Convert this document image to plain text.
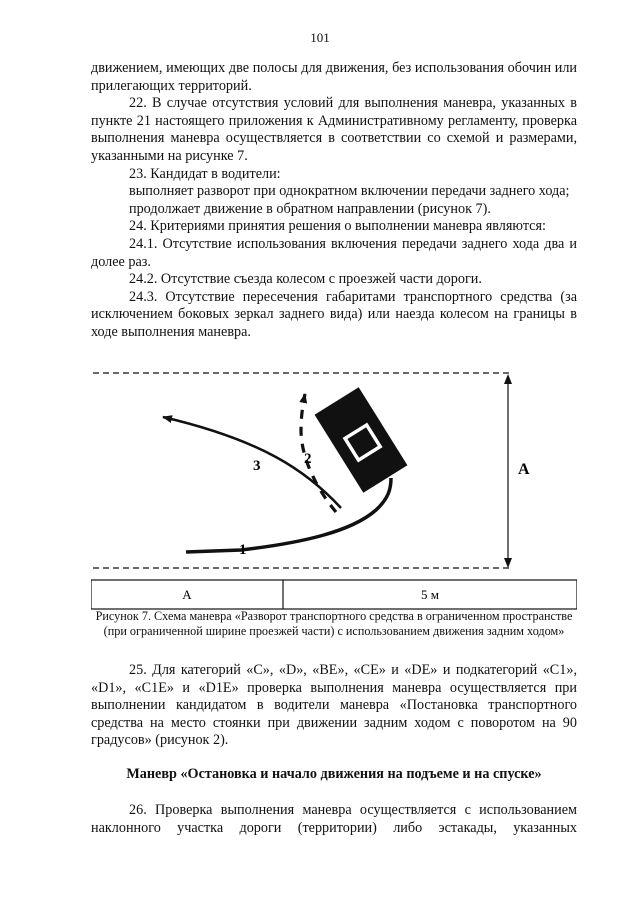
101

движением, имеющих две полосы для движения, без использования обочин или прилегающих территорий.

22. В случае отсутствия условий для выполнения маневра, указанных в пункте 21 настоящего приложения к Административному регламенту, проверка выполнения маневра осуществляется в соответствии со схемой и размерами, указанными на рисунке 7.

23. Кандидат в водители:

выполняет разворот при однократном включении передачи заднего хода;

продолжает движение в обратном направлении (рисунок 7).

24. Критериями принятия решения о выполнении маневра являются:

24.1. Отсутствие использования включения передачи заднего хода два и долее раз.

24.2. Отсутствие съезда колесом с проезжей части дороги.

24.3. Отсутствие пересечения габаритами транспортного средства (за исключением боковых зеркал заднего вида) или наезда колесом на границы в ходе выполнения маневра.

А
1
2
3
А	5 м
Рисунок 7. Схема маневра «Разворот транспортного средства в ограниченном пространстве (при ограниченной ширине проезжей части) с использованием движения задним ходом»

25. Для категорий «С», «D», «ВЕ», «СЕ» и «DE» и подкатегорий «С1», «D1», «С1Е» и «D1E» проверка выполнения маневра осуществляется при выполнении кандидатом в водители маневра «Постановка транспортного средства на место стоянки при движении задним ходом с поворотом на 90 градусов» (рисунок 2).

Маневр «Остановка и начало движения на подъеме и на спуске»

26. Проверка выполнения маневра осуществляется с использованием наклонного участка дороги (территории) либо эстакады, указанных
